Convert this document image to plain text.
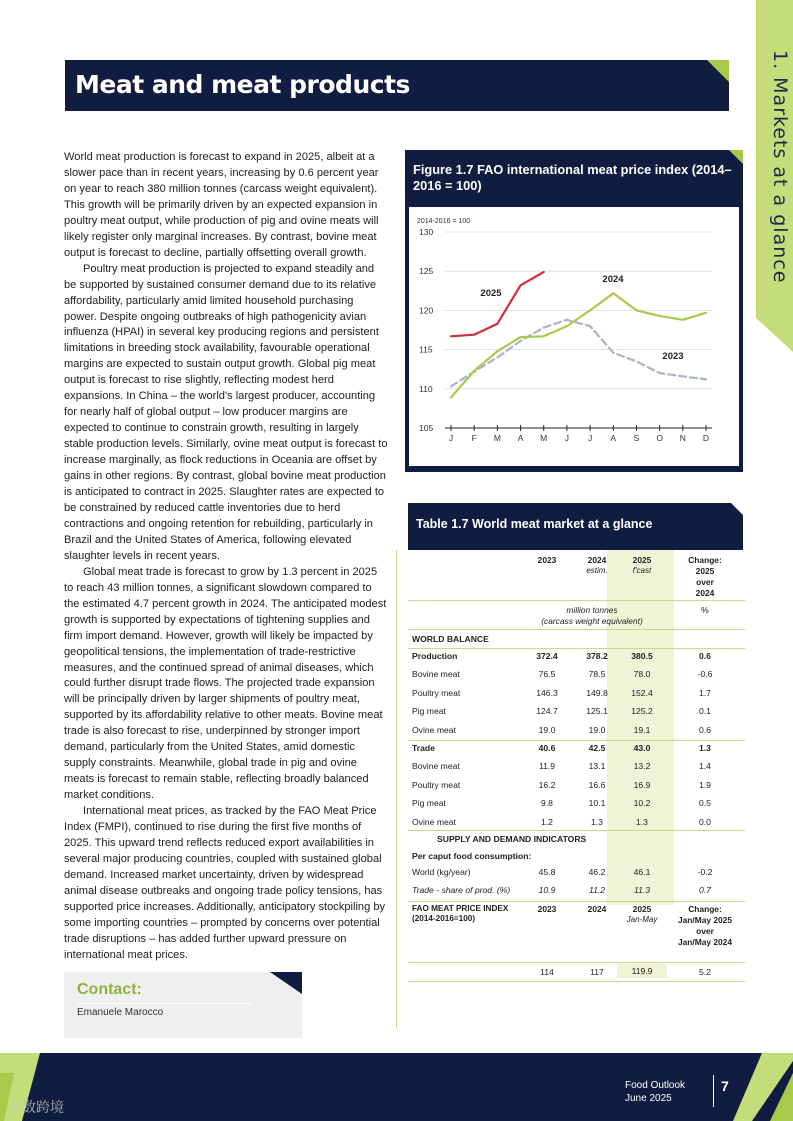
1. Markets at a glance
Meat and meat products

World meat production is forecast to expand in 2025, albeit at a slower pace than in recent years, increasing by 0.6 percent year on year to reach 380 million tonnes (carcass weight equivalent). This growth will be primarily driven by an expected expansion in poultry meat output, while production of pig and ovine meats will likely register only marginal increases. By contrast, bovine meat output is forecast to decline, partially offsetting overall growth.

Poultry meat production is projected to expand steadily and be supported by sustained consumer demand due to its relative affordability, particularly amid limited household purchasing power. Despite ongoing outbreaks of high pathogenicity avian influenza (HPAI) in several key producing regions and persistent limitations in breeding stock availability, favourable operational margins are expected to sustain output growth. Global pig meat output is forecast to rise slightly, reflecting modest herd expansions. In China – the world's largest producer, accounting for nearly half of global output – low producer margins are expected to continue to constrain growth, resulting in largely stable production levels. Similarly, ovine meat output is forecast to increase marginally, as flock reductions in Oceania are offset by gains in other regions. By contrast, global bovine meat production is anticipated to contract in 2025. Slaughter rates are expected to be constrained by reduced cattle inventories due to herd contractions and ongoing retention for rebuilding, particularly in Brazil and the United States of America, following elevated slaughter levels in recent years.

Global meat trade is forecast to grow by 1.3 percent in 2025 to reach 43 million tonnes, a significant slowdown compared to the estimated 4.7 percent growth in 2024. The anticipated modest growth is supported by expectations of tightening supplies and firm import demand. However, growth will likely be impacted by geopolitical tensions, the implementation of trade-restrictive measures, and the continued spread of animal diseases, which could further disrupt trade flows. The projected trade expansion will be principally driven by larger shipments of poultry meat, supported by its affordability relative to other meats. Bovine meat trade is also forecast to rise, underpinned by stronger import demand, particularly from the United States, amid domestic supply constraints. Meanwhile, global trade in pig and ovine meats is forecast to remain stable, reflecting broadly balanced market conditions.

International meat prices, as tracked by the FAO Meat Price Index (FMPI), continued to rise during the first five months of 2025. This upward trend reflects reduced export availabilities in several major producing countries, coupled with sustained global demand. Increased market uncertainty, driven by widespread animal disease outbreaks and ongoing trade policy tensions, has supported price increases. Additionally, anticipatory stockpiling by some importing countries – prompted by concerns over potential trade disruptions – has added further upward pressure on international meat prices.

Contact:
Emanuele Marocco
Figure 1.7 FAO international meat price index (2014–2016 = 100)
2014-2016 = 100
105
110
115
120
125
130
J F M A M J J A S O N D
2025
2024
2023
Table 1.7 World meat market at a glance
2023	2024
estim.
2025
f'cast
Change:
2025
over
2024
million tonnes
(carcass weight equivalent)
%
WORLD BALANCE
Production	372.4	378.2	380.5	0.6
Bovine meat	76.5	78.5	78.0	-0.6
Poultry meat	146.3	149.8	152.4	1.7
Pig meat	124.7	125.1	125.2	0.1
Ovine meat	19.0	19.0	19.1	0.6
Trade	40.6	42.5	43.0	1.3
Bovine meat	11.9	13.1	13.2	1.4
Poultry meat	16.2	16.6	16.9	1.9
Pig meat	9.8	10.1	10.2	0.5
Ovine meat	1.2	1.3	1.3	0.0
SUPPLY AND DEMAND INDICATORS
Per caput food consumption:
World (kg/year)	45.8	46.2	46.1	-0.2
Trade - share of prod. (%)	10.9	11.2	11.3	0.7
FAO MEAT PRICE INDEX
(2014-2016=100)
2023	2024	2025
Jan-May
Change:
Jan/May 2025
over
Jan/May 2024
114	117	119.9	5.2
Food Outlook
June 2025
7
大数跨境
